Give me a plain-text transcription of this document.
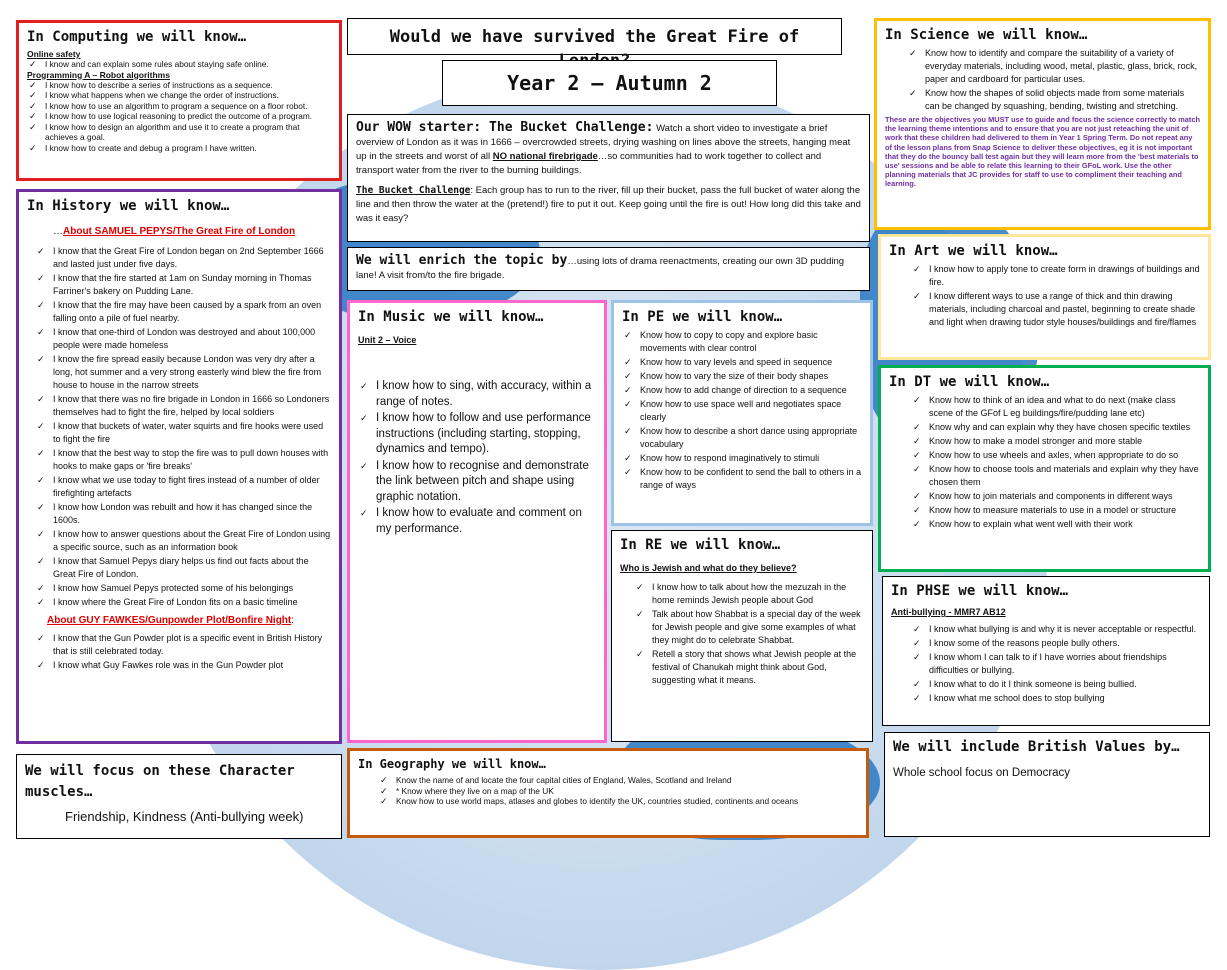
In Computing we will know…
Online safety
✓ I know and can explain some rules about staying safe online.
Programming A – Robot algorithms
✓ I know how to describe a series of instructions as a sequence.
✓ I know what happens when we change the order of instructions.
✓ I know how to use an algorithm to program a sequence on a floor robot.
✓ I know how to use logical reasoning to predict the outcome of a program.
✓ I know how to design an algorithm and use it to create a program that achieves a goal.
✓ I know how to create and debug a program I have written.
In History we will know…
…About SAMUEL PEPYS/The Great Fire of London
✓ I know that the Great Fire of London began on 2nd September 1666 and lasted just under five days.
✓ I know that the fire started at 1am on Sunday morning in Thomas Farriner's bakery on Pudding Lane.
✓ I know that the fire may have been caused by a spark from an oven falling onto a pile of fuel nearby.
✓ I know that one-third of London was destroyed and about 100,000 people were made homeless
✓ I know the fire spread easily because London was very dry after a long, hot summer and a very strong easterly wind blew the fire from house to house in the narrow streets
✓ I know that there was no fire brigade in London in 1666 so Londoners themselves had to fight the fire, helped by local soldiers
✓ I know that buckets of water, water squirts and fire hooks were used to fight the fire
✓ I know that the best way to stop the fire was to pull down houses with hooks to make gaps or 'fire breaks'
✓ I know what we use today to fight fires instead of a number of older firefighting artefacts
✓ I know how London was rebuilt and how it has changed since the 1600s.
✓ I know how to answer questions about the Great Fire of London using a specific source, such as an information book
✓ I know that Samuel Pepys diary helps us find out facts about the Great Fire of London.
✓ I know how Samuel Pepys protected some of his belongings
✓ I know where the Great Fire of London fits on a basic timeline
About GUY FAWKES/Gunpowder Plot/Bonfire Night:
✓ I know that the Gun Powder plot is a specific event in British History that is still celebrated today.
✓ I know what Guy Fawkes role was in the Gun Powder plot
We will focus on these Character muscles…
Friendship, Kindness (Anti-bullying week)
Would we have survived the Great Fire of
Year 2 – Autumn 2

Our WOW starter: The Bucket Challenge: Watch a short video to investigate a brief overview of London as it was in 1666 – overcrowded streets, drying washing on lines above the streets, hanging meat up in the streets and worst of all NO national firebrigade…so communities had to work together to collect and transport water from the river to the burning buildings.

The Bucket Challenge: Each group has to run to the river, fill up their bucket, pass the full bucket of water along the line and then throw the water at the (pretend!) fire to put it out. Keep going until the fire is out! How long did this take and was it easy?

We will enrich the topic by…using lots of drama reenactments, creating our own 3D pudding lane! A visit from/to the fire brigade.

In Music we will know…
Unit 2 – Voice
✓ I know how to sing, with accuracy, within a range of notes.
✓ I know how to follow and use performance instructions (including starting, stopping, dynamics and tempo).
✓ I know how to recognise and demonstrate the link between pitch and shape using graphic notation.
✓ I know how to evaluate and comment on my performance.
In PE we will know…
✓ Know how to copy to copy and explore basic movements with clear control
✓ Know how to vary levels and speed in sequence
✓ Know how to vary the size of their body shapes
✓ Know how to add change of direction to a sequence
✓ Know how to use space well and negotiates space clearly
✓ Know how to describe a short dance using appropriate vocabulary
✓ Know how to respond imaginatively to stimuli
✓ Know how to be confident to send the ball to others in a range of ways
In RE we will know…
Who is Jewish and what do they believe?
✓ I know how to talk about how the mezuzah in the home reminds Jewish people about God
✓ Talk about how Shabbat is a special day of the week for Jewish people and give some examples of what they might do to celebrate Shabbat.
✓ Retell a story that shows what Jewish people at the festival of Chanukah might think about God, suggesting what it means.
In Geography we will know…
✓ Know the name of and locate the four capital cities of England, Wales, Scotland and Ireland
✓ * Know where they live on a map of the UK
✓ Know how to use world maps, atlases and globes to identify the UK, countries studied, continents and oceans
In Science we will know…
✓ Know how to identify and compare the suitability of a variety of everyday materials, including wood, metal, plastic, glass, brick, rock, paper and cardboard for particular uses.
✓ Know how the shapes of solid objects made from some materials can be changed by squashing, bending, twisting and stretching.
These are the objectives you MUST use to guide and focus the science correctly to match the learning theme intentions and to ensure that you are not just reteaching the unit of work that these children had delivered to them in Year 1 Spring Term. Do not repeat any of the lesson plans from Snap Science to deliver these objectives, eg it is not important that they do the bouncy ball test again but they will learn more from the 'best materials to use' sessions and be able to relate this learning to their GFoL work. Use the other planning materials that JC provides for staff to use to compliment their teaching and learning.
In Art we will know…
✓ I know how to apply tone to create form in drawings of buildings and fire.
✓ I know different ways to use a range of thick and thin drawing materials, including charcoal and pastel, beginning to create shade and light when drawing tudor style houses/buildings and fire/flames
In DT we will know…
✓ Know how to think of an idea and what to do next (make class scene of the GFof L eg buildings/fire/pudding lane etc)
✓ Know why and can explain why they have chosen specific textiles
✓ Know how to make a model stronger and more stable
✓ Know how to use wheels and axles, when appropriate to do so
✓ Know how to choose tools and materials and explain why they have chosen them
✓ Know how to join materials and components in different ways
✓ Know how to measure materials to use in a model or structure
✓ Know how to explain what went well with their work
In PHSE we will know…
Anti-bullying - MMR7 AB12
✓ I know what bullying is and why it is never acceptable or respectful.
✓ I know some of the reasons people bully others.
✓ I know whom I can talk to if I have worries about friendships difficulties or bullying.
✓ I know what to do it I think someone is being bullied.
✓ I know what me school does to stop bullying
We will include British Values by…
Whole school focus on Democracy
